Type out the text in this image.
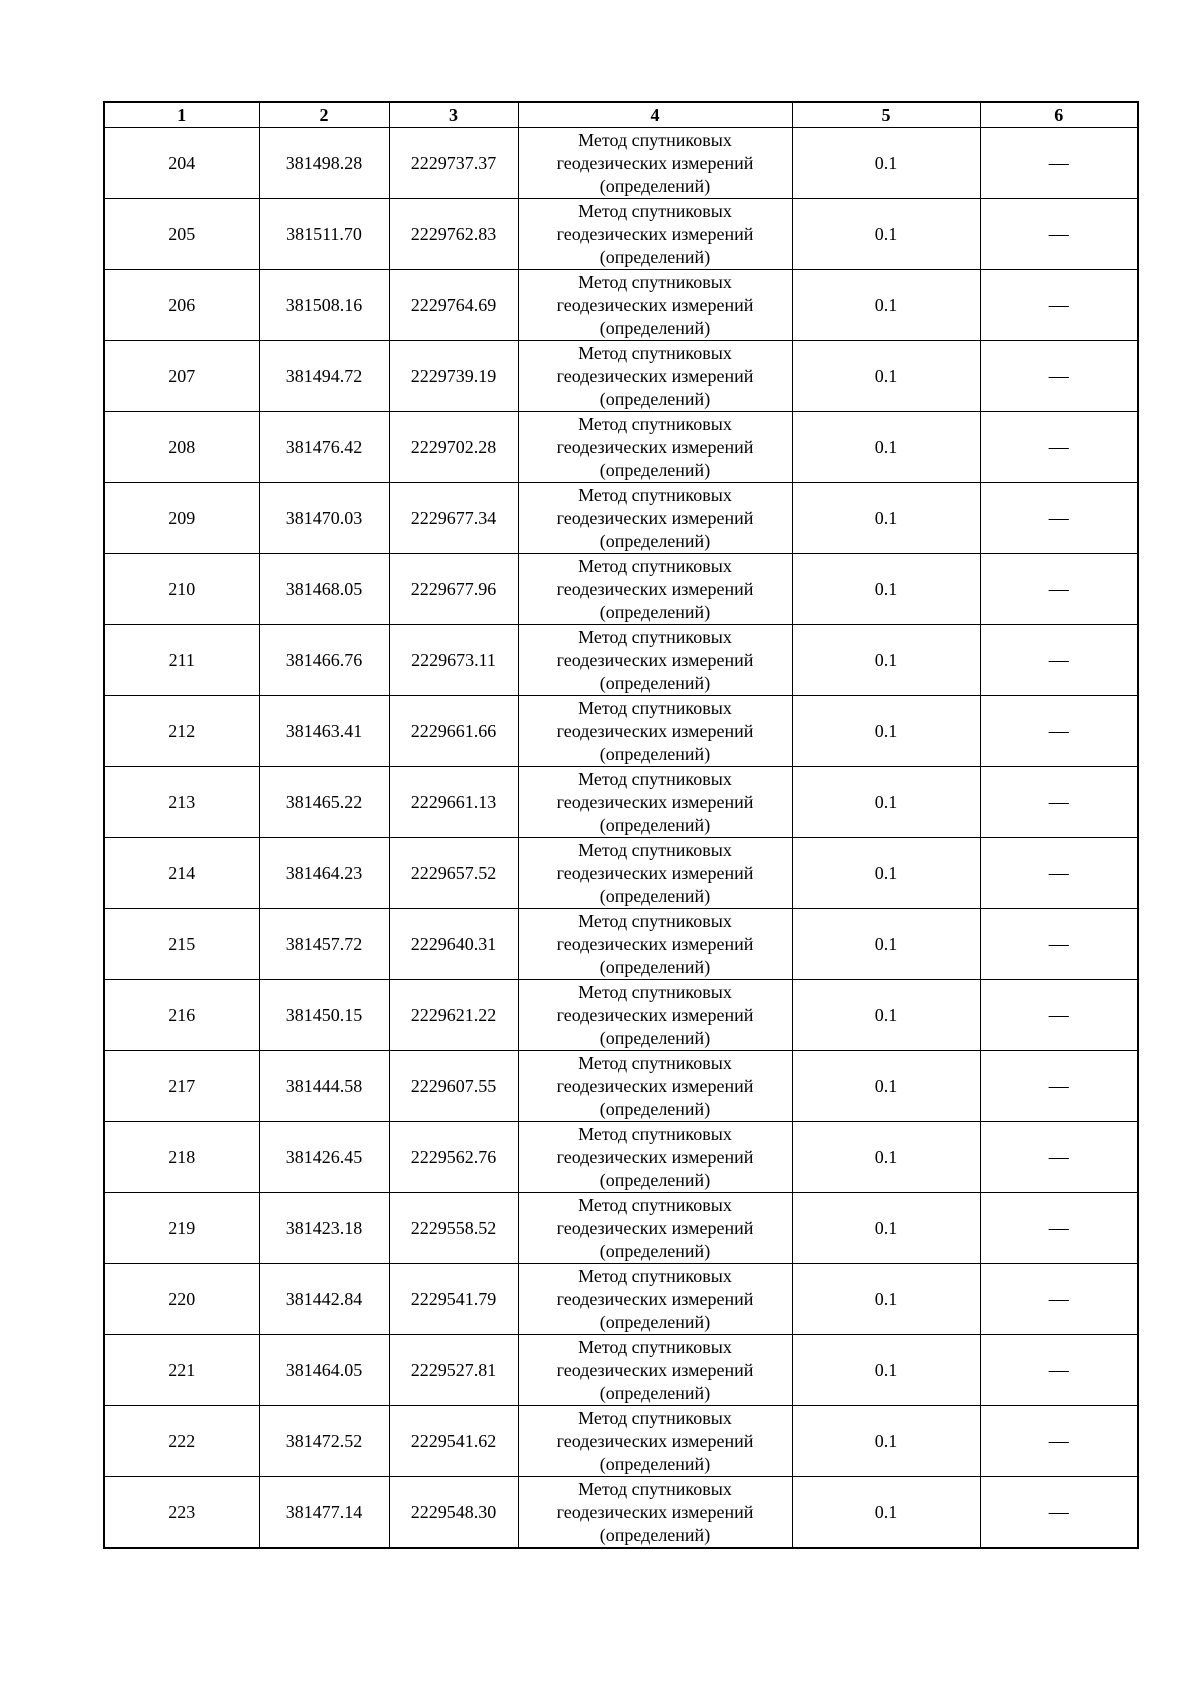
1	2	3	4	5	6
204	381498.28	2229737.37	Метод спутниковых
геодезических измерений
(определений)	0.1	—
205	381511.70	2229762.83	Метод спутниковых
геодезических измерений
(определений)	0.1	—
206	381508.16	2229764.69	Метод спутниковых
геодезических измерений
(определений)	0.1	—
207	381494.72	2229739.19	Метод спутниковых
геодезических измерений
(определений)	0.1	—
208	381476.42	2229702.28	Метод спутниковых
геодезических измерений
(определений)	0.1	—
209	381470.03	2229677.34	Метод спутниковых
геодезических измерений
(определений)	0.1	—
210	381468.05	2229677.96	Метод спутниковых
геодезических измерений
(определений)	0.1	—
211	381466.76	2229673.11	Метод спутниковых
геодезических измерений
(определений)	0.1	—
212	381463.41	2229661.66	Метод спутниковых
геодезических измерений
(определений)	0.1	—
213	381465.22	2229661.13	Метод спутниковых
геодезических измерений
(определений)	0.1	—
214	381464.23	2229657.52	Метод спутниковых
геодезических измерений
(определений)	0.1	—
215	381457.72	2229640.31	Метод спутниковых
геодезических измерений
(определений)	0.1	—
216	381450.15	2229621.22	Метод спутниковых
геодезических измерений
(определений)	0.1	—
217	381444.58	2229607.55	Метод спутниковых
геодезических измерений
(определений)	0.1	—
218	381426.45	2229562.76	Метод спутниковых
геодезических измерений
(определений)	0.1	—
219	381423.18	2229558.52	Метод спутниковых
геодезических измерений
(определений)	0.1	—
220	381442.84	2229541.79	Метод спутниковых
геодезических измерений
(определений)	0.1	—
221	381464.05	2229527.81	Метод спутниковых
геодезических измерений
(определений)	0.1	—
222	381472.52	2229541.62	Метод спутниковых
геодезических измерений
(определений)	0.1	—
223	381477.14	2229548.30	Метод спутниковых
геодезических измерений
(определений)	0.1	—
